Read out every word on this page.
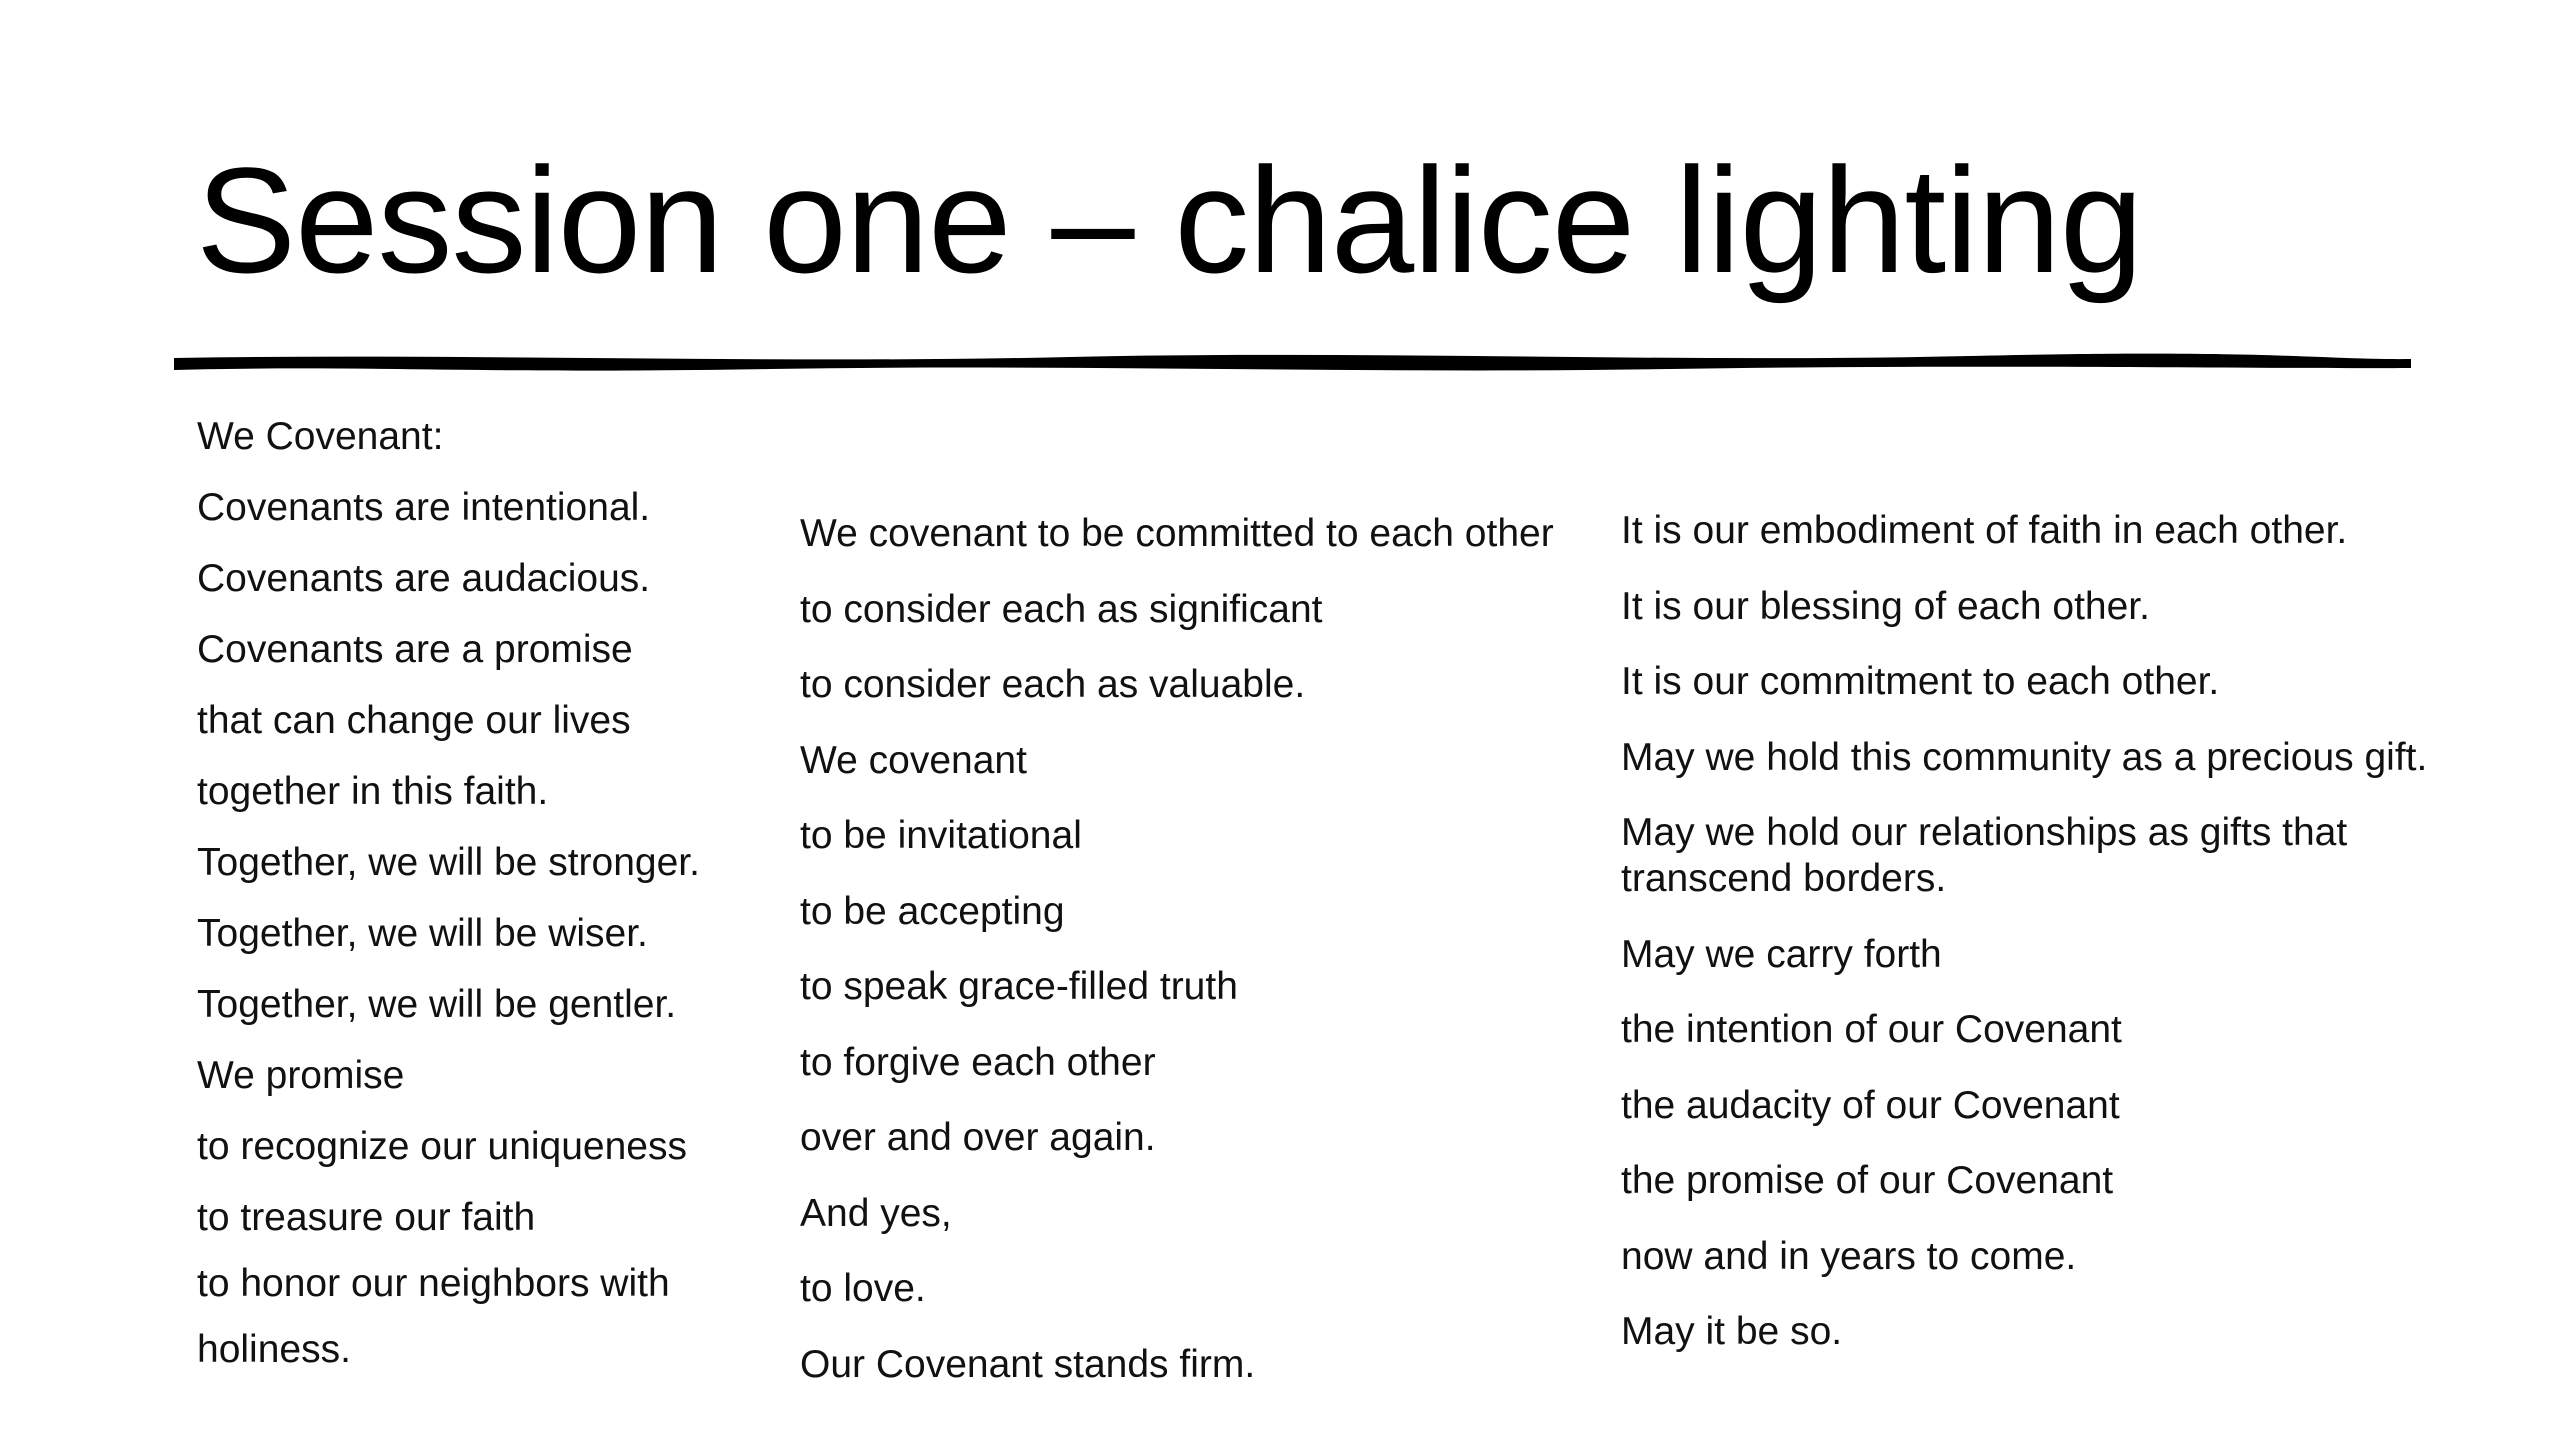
Session one – chalice lighting
We Covenant:
Covenants are intentional.
Covenants are audacious.
Covenants are a promise
that can change our lives
together in this faith.
Together, we will be stronger.
Together, we will be wiser.
Together, we will be gentler.
We promise
to recognize our uniqueness
to treasure our faith
to honor our neighbors with
holiness.
We covenant to be committed to each other
to consider each as significant
to consider each as valuable.
We covenant
to be invitational
to be accepting
to speak grace-filled truth
to forgive each other
over and over again.
And yes,
to love.
Our Covenant stands firm.
It is our embodiment of faith in each other.
It is our blessing of each other.
It is our commitment to each other.
May we hold this community as a precious gift.
May we hold our relationships as gifts that transcend borders.
May we carry forth
the intention of our Covenant
the audacity of our Covenant
the promise of our Covenant
now and in years to come.
May it be so.
